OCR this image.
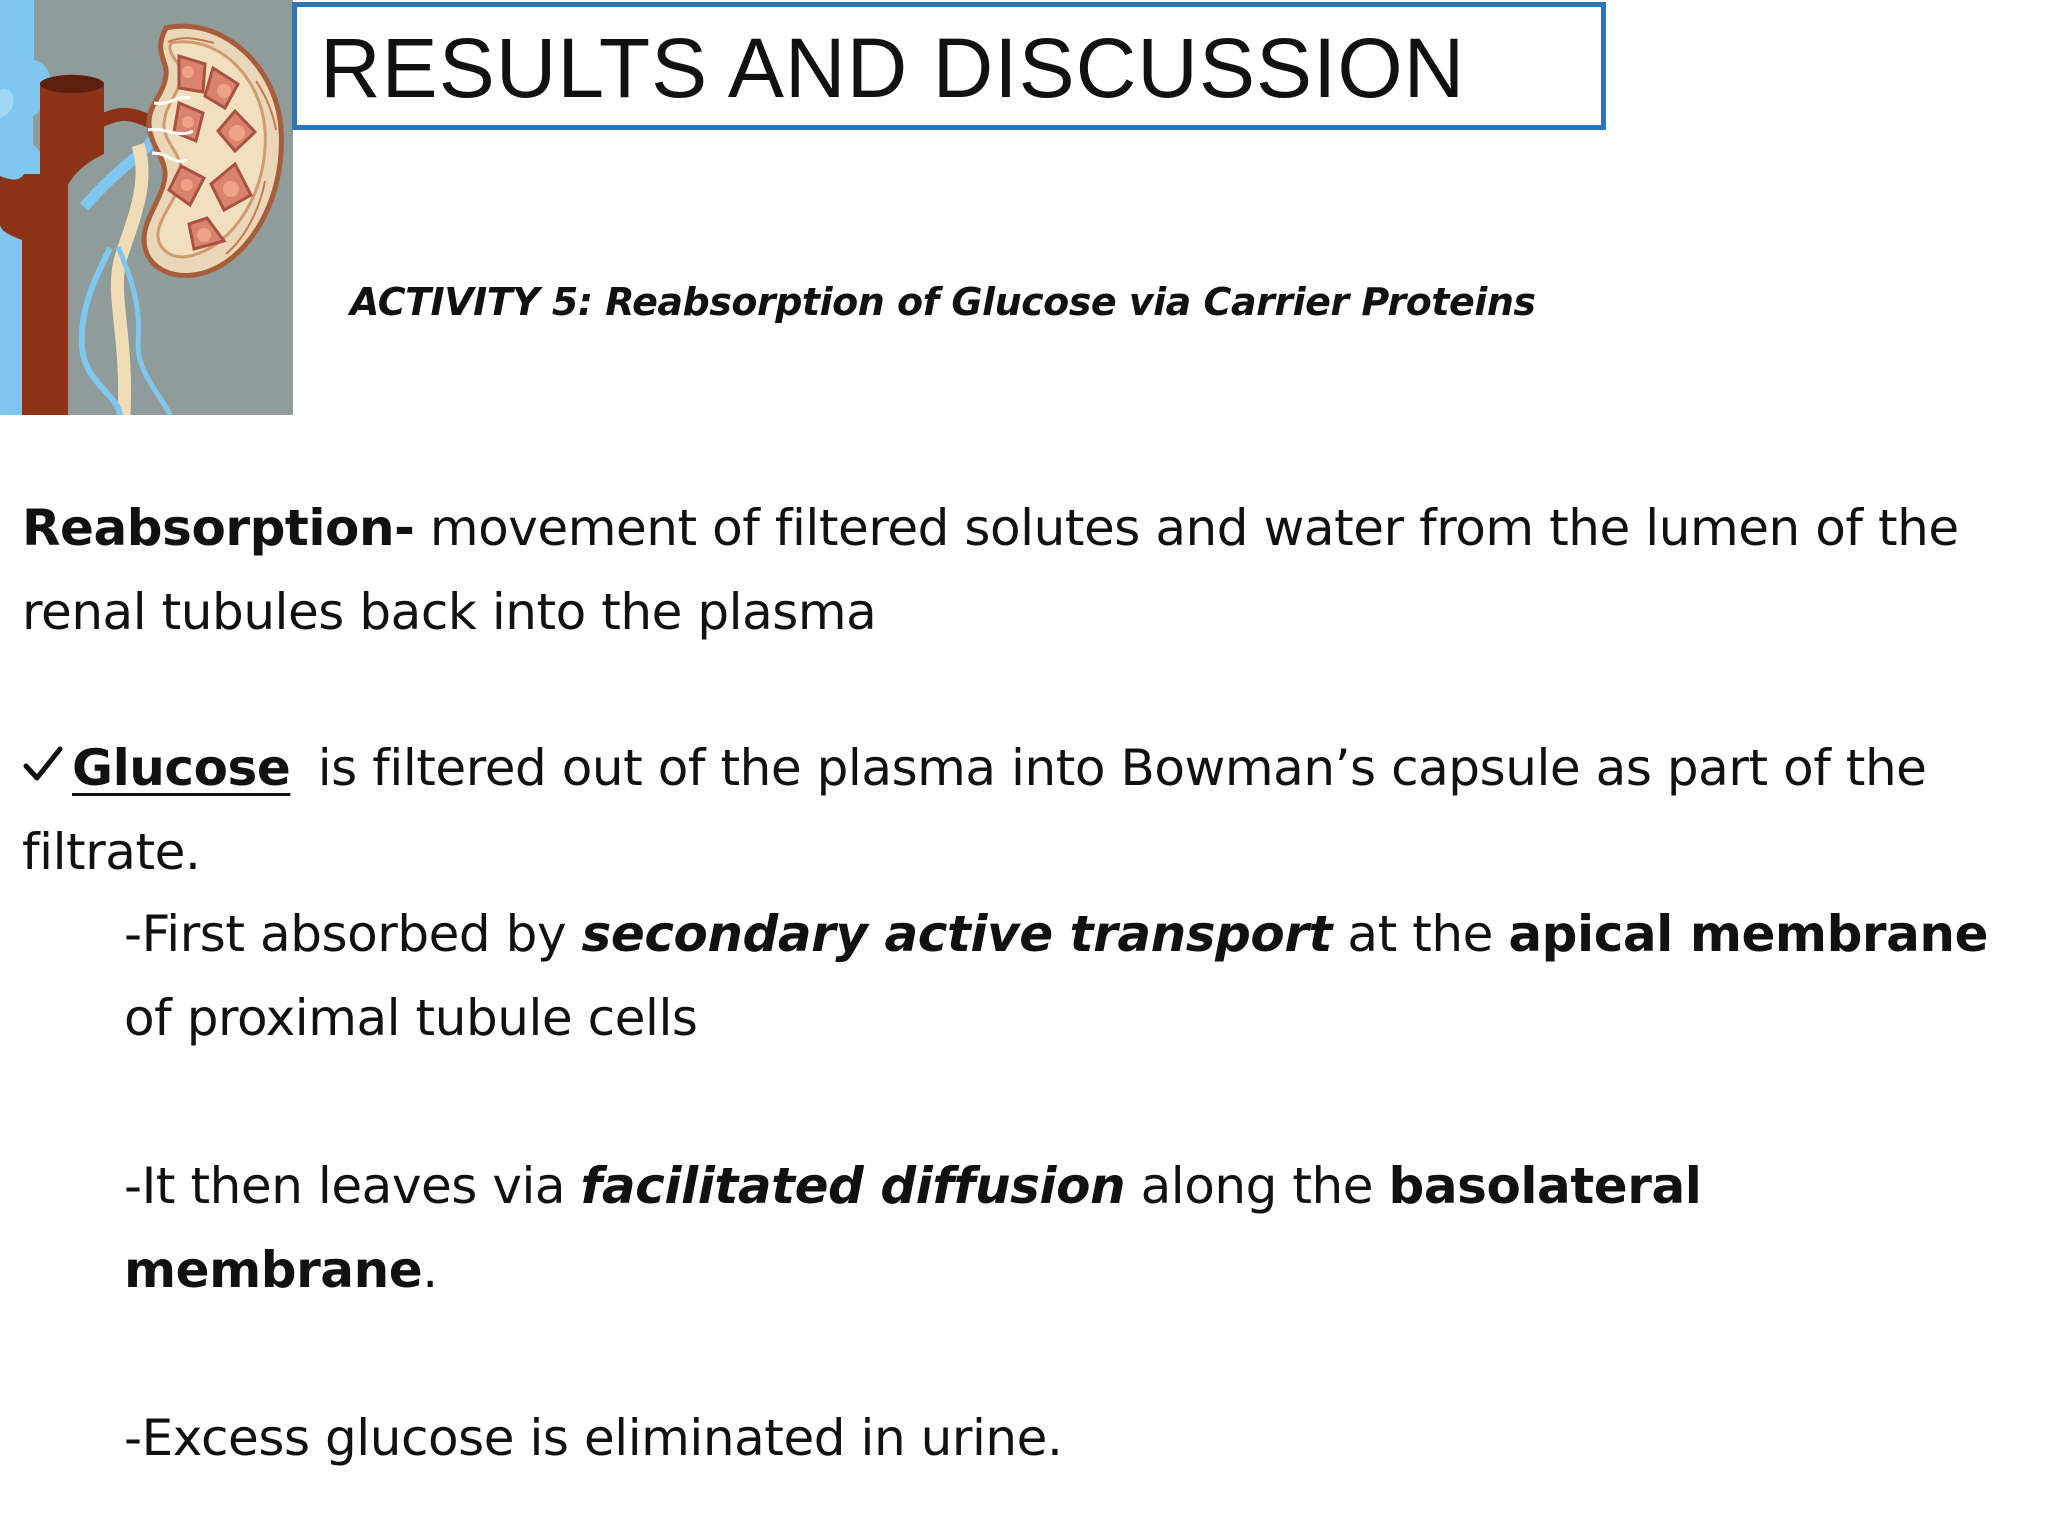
RESULTS AND DISCUSSION
ACTIVITY 5: Reabsorption of Glucose via Carrier Proteins
Reabsorption- movement of filtered solutes and water from the lumen of the renal tubules back into the plasma
Glucose is filtered out of the plasma into Bowman’s capsule as part of the filtrate.

-First absorbed by secondary active transport at the apical membrane of proximal tubule cells

-It then leaves via facilitated diffusion along the basolateral membrane.

-Excess glucose is eliminated in urine.
